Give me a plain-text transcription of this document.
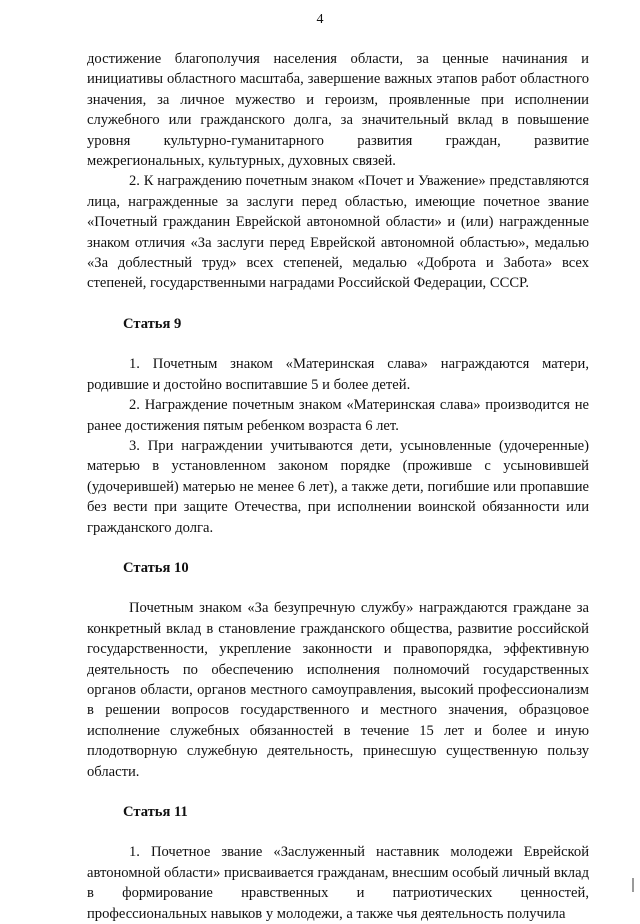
4

достижение благополучия населения области, за ценные начинания и инициативы областного масштаба, завершение важных этапов работ областного значения, за личное мужество и героизм, проявленные при исполнении служебного или гражданского долга, за значительный вклад в повышение уровня культурно-гуманитарного развития граждан, развитие межрегиональных, культурных, духовных связей.

2. К награждению почетным знаком «Почет и Уважение» представляются лица, награжденные за заслуги перед областью, имеющие почетное звание «Почетный гражданин Еврейской автономной области» и (или) награжденные знаком отличия «За заслуги перед Еврейской автономной областью», медалью «За доблестный труд» всех степеней, медалью «Доброта и Забота» всех степеней, государственными наградами Российской Федерации, СССР.

Статья 9

1. Почетным знаком «Материнская слава» награждаются матери, родившие и достойно воспитавшие 5 и более детей.

2. Награждение почетным знаком «Материнская слава» производится не ранее достижения пятым ребенком возраста 6 лет.

3. При награждении учитываются дети, усыновленные (удочеренные) матерью в установленном законом порядке (проживше с усыновившей (удочерившей) матерью не менее 6 лет), а также дети, погибшие или пропавшие без вести при защите Отечества, при исполнении воинской обязанности или гражданского долга.

Статья 10

Почетным знаком «За безупречную службу» награждаются граждане за конкретный вклад в становление гражданского общества, развитие российской государственности, укрепление законности и правопорядка, эффективную деятельность по обеспечению исполнения полномочий государственных органов области, органов местного самоуправления, высокий профессионализм в решении вопросов государственного и местного значения, образцовое исполнение служебных обязанностей в течение 15 лет и более и иную плодотворную служебную деятельность, принесшую существенную пользу области.

Статья 11

1. Почетное звание «Заслуженный наставник молодежи Еврейской автономной области» присваивается гражданам, внесшим особый личный вклад в формирование нравственных и патриотических ценностей, профессиональных навыков у молодежи, а также чья деятельность получила
